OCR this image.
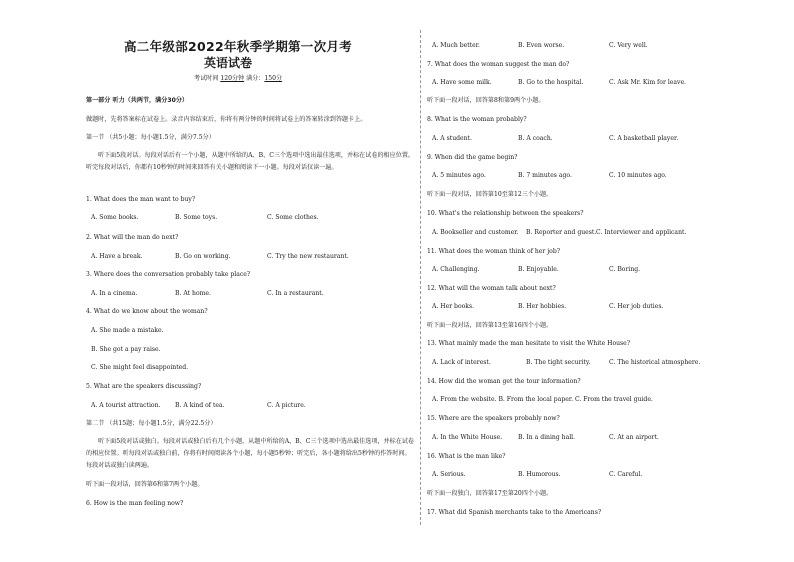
高二年级部2022年秋季学期第一次月考
英语试卷
考试时间 120分钟 满分：150分
第一部分 听力（共两节，满分30分）
做题时，先将答案标在试卷上。录音内容结束后，你将有两分钟的时间将试卷上的答案转涂到答题卡上。
第一节 （共5小题；每小题1.5分，满分7.5分）
听下面5段对话。每段对话后有一个小题，从题中所给的A、B、C三个选项中选出最佳选项，并标在试卷的相应位置。听完每段对话后，你都有10秒钟的时间来回答有关小题和阅读下一小题。每段对话仅读一遍。
1. What does the man want to buy?
A. Some books.	B. Some toys.	C. Some clothes.
2. What will the man do next?
A. Have a break.	B. Go on working.	C. Try the new restaurant.
3. Where does the conversation probably take place?
A. In a cinema.	B. At home.	C. In a restaurant.
4. What do we know about the woman?
A. She made a mistake.
B. She got a pay raise.
C. She might feel disappointed.
5. What are the speakers discussing?
A. A tourist attraction. B. A kind of tea.	C. A picture.
第二节 （共15题；每小题1.5分，满分22.5分）
听下面5段对话或独白。每段对话或独白后有几个小题，从题中所给的A、B、C三个选项中选出最佳选项，并标在试卷的相应位置。听每段对话或独白前，你将有时间阅读各个小题，每小题5秒钟；听完后，各小题将给出5秒钟的作答时间。每段对话或独白读两遍。
听下面一段对话，回答第6和第7两个小题。
6. How is the man feeling now?
A. Much better.	B. Even worse.	C. Very well.
7. What does the woman suggest the man do?
A. Have some milk.	B. Go to the hospital.	C. Ask Mr. Kim for leave.
听下面一段对话，回答第8和第9两个小题。
8. What is the woman probably?
A. A student.	B. A coach.	C. A basketball player.
9. When did the game begin?
A. 5 minutes ago.	B. 7 minutes ago.	C. 10 minutes ago.
听下面一段对话，回答第10至第12三个小题。
10. What's the relationship between the speakers?
A. Bookseller and customer. B. Reporter and guest. C. Interviewer and applicant.
11. What does the woman think of her job?
A. Challenging.	B. Enjoyable.	C. Boring.
12. What will the woman talk about next?
A. Her books.	B. Her hobbies.	C. Her job duties.
听下面一段对话，回答第13至第16四个小题。
13. What mainly made the man hesitate to visit the White House?
A. Lack of interest.	B. The tight security.	C. The historical atmosphere.
14. How did the woman get the tour information?
A. From the website. B. From the local paper. C. From the travel guide.
15. Where are the speakers probably now?
A. In the White House.	B. In a dining hall.	C. At an airport.
16. What is the man like?
A. Serious.	B. Humorous.	C. Careful.
听下面一段独白，回答第17至第20四个小题。
17. What did Spanish merchants take to the Americans?
